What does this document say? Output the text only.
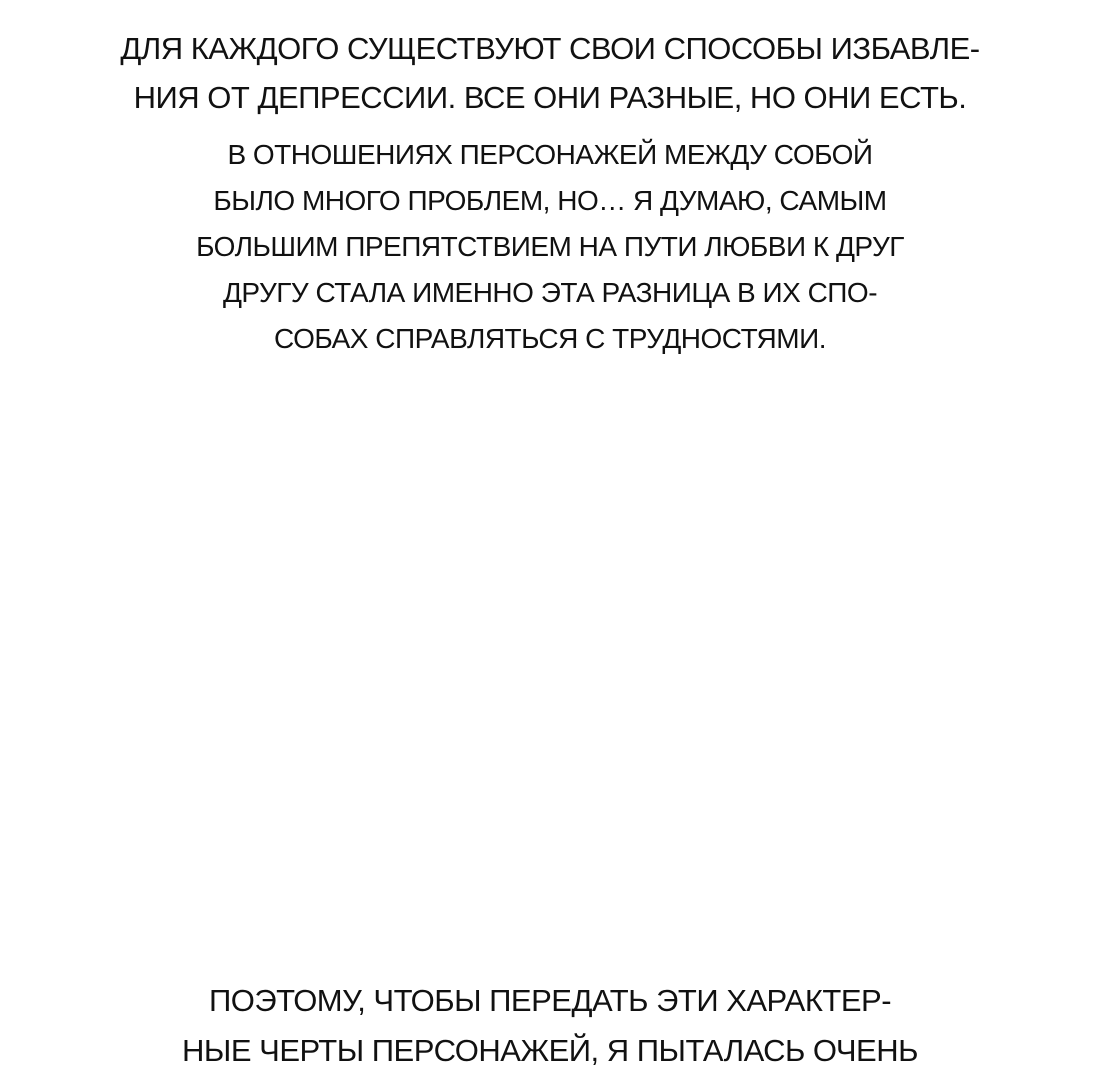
ДЛЯ КАЖДОГО СУЩЕСТВУЮТ СВОИ СПОСОБЫ ИЗБАВЛЕ-
НИЯ ОТ ДЕПРЕССИИ. ВСЕ ОНИ РАЗНЫЕ, НО ОНИ ЕСТЬ.
В ОТНОШЕНИЯХ ПЕРСОНАЖЕЙ МЕЖДУ СОБОЙ
БЫЛО МНОГО ПРОБЛЕМ, НО… Я ДУМАЮ, САМЫМ
БОЛЬШИМ ПРЕПЯТСТВИЕМ НА ПУТИ ЛЮБВИ К ДРУГ
ДРУГУ СТАЛА ИМЕННО ЭТА РАЗНИЦА В ИХ СПО-
СОБАХ СПРАВЛЯТЬСЯ С ТРУДНОСТЯМИ.
ПОЭТОМУ, ЧТОБЫ ПЕРЕДАТЬ ЭТИ ХАРАКТЕР-
НЫЕ ЧЕРТЫ ПЕРСОНАЖЕЙ, Я ПЫТАЛАСЬ ОЧЕНЬ
